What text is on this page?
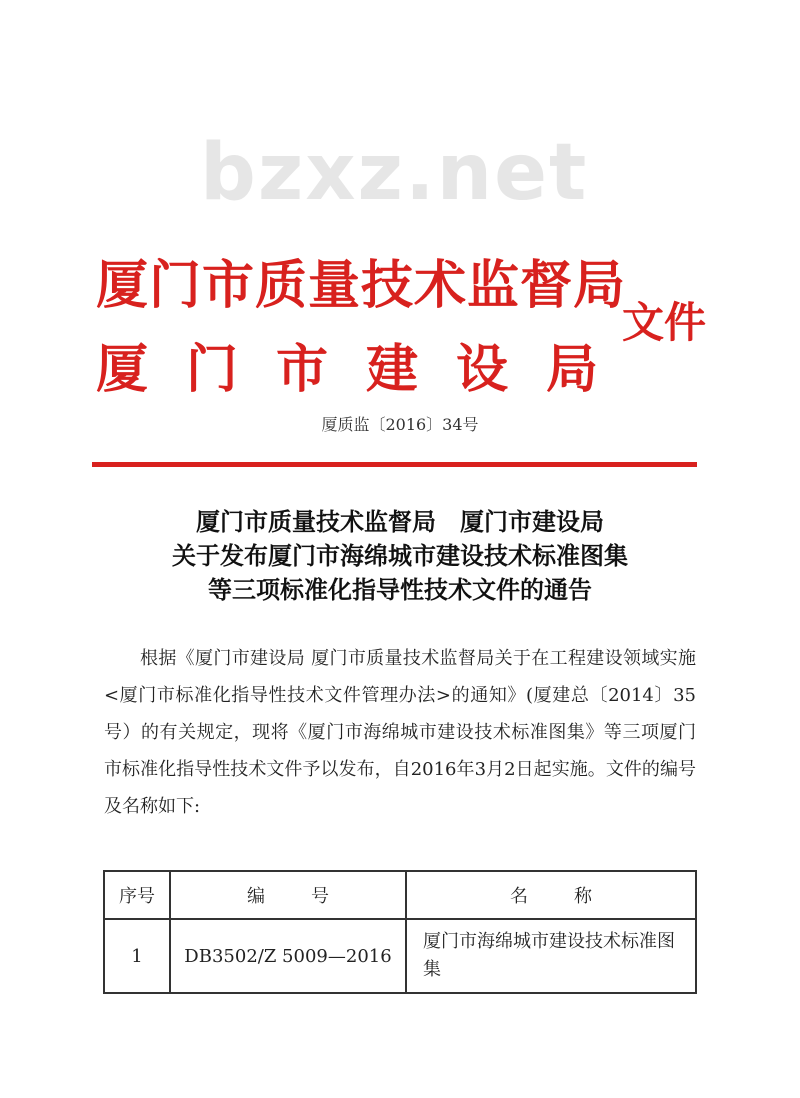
bzxz.net
厦门市质量技术监督局
厦门市建设局
文件
厦质监〔2016〕34号
厦门市质量技术监督局　厦门市建设局
关于发布厦门市海绵城市建设技术标准图集
等三项标准化指导性技术文件的通告

根据《厦门市建设局 厦门市质量技术监督局关于在工程建设领域实施<厦门市标准化指导性技术文件管理办法>的通知》(厦建总〔2014〕35号）的有关规定，现将《厦门市海绵城市建设技术标准图集》等三项厦门市标准化指导性技术文件予以发布，自2016年3月2日起实施。文件的编号及名称如下:

序号	编号	名称
1	DB3502/Z 5009—2016	厦门市海绵城市建设技术标准图集
